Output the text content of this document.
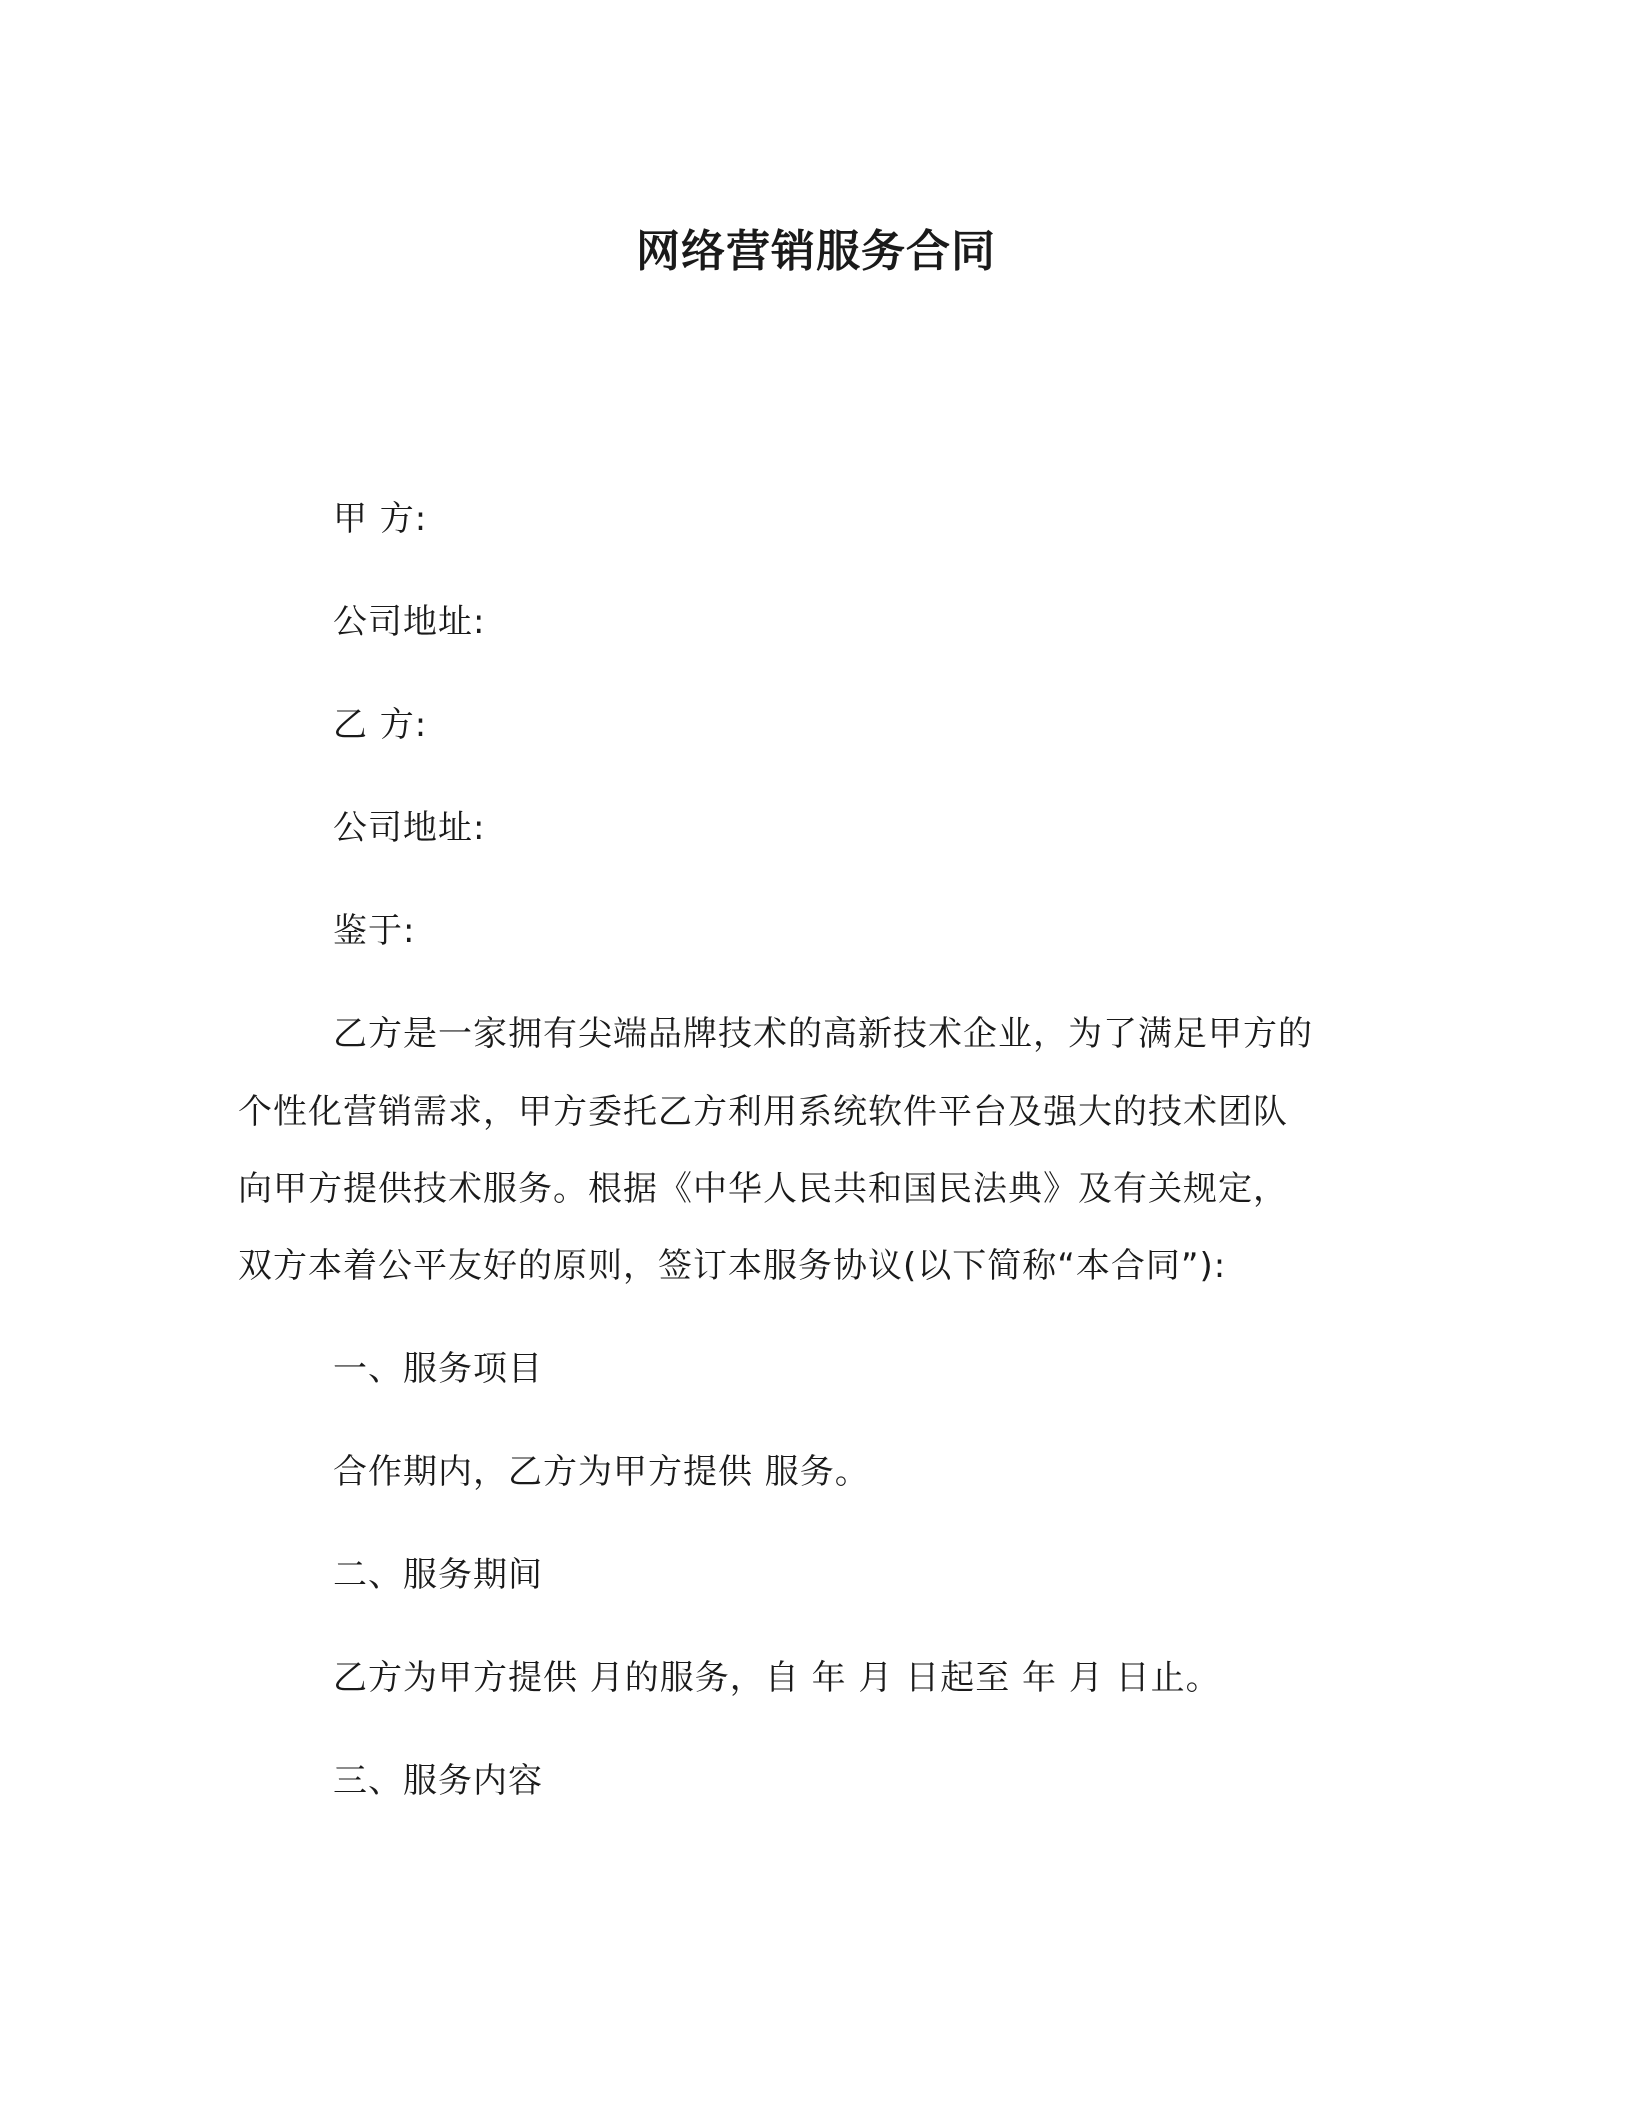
网络营销服务合同
甲 方:
公司地址:
乙 方:
公司地址:
鉴于:
乙方是一家拥有尖端品牌技术的高新技术企业，为了满足甲方的
个性化营销需求，甲方委托乙方利用系统软件平台及强大的技术团队
向甲方提供技术服务。根据《中华人民共和国民法典》及有关规定，
双方本着公平友好的原则，签订本服务协议(以下简称“本合同”):
一、服务项目
合作期内，乙方为甲方提供 服务。
二、服务期间
乙方为甲方提供 月的服务，自 年 月 日起至 年 月 日止。
三、服务内容
